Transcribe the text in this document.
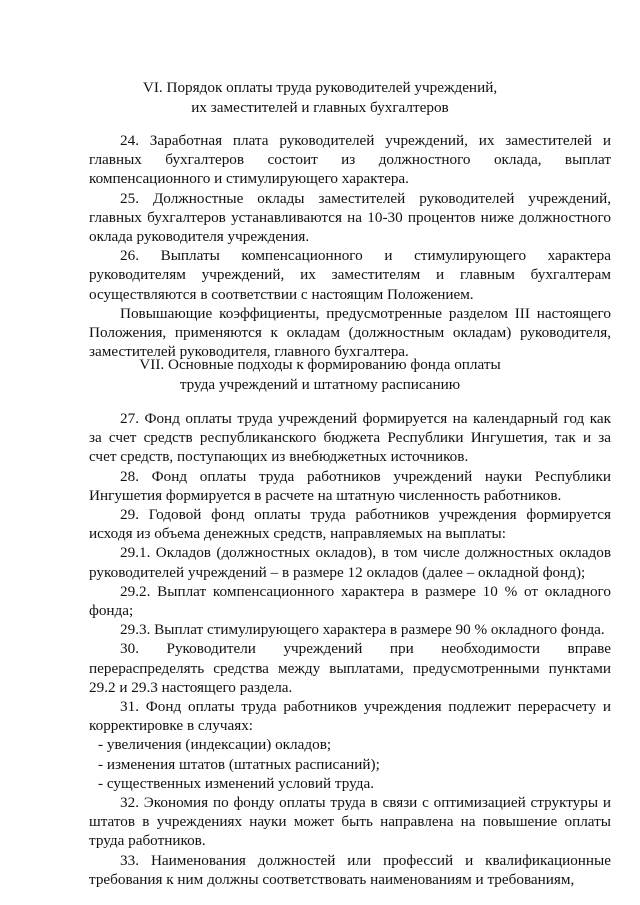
VI. Порядок оплаты труда руководителей учреждений,
их заместителей и главных бухгалтеров

24. Заработная плата руководителей учреждений, их заместителей и главных бухгалтеров состоит из должностного оклада, выплат компенсационного и стимулирующего характера.

25. Должностные оклады заместителей руководителей учреждений, главных бухгалтеров устанавливаются на 10-30 процентов ниже должностного оклада руководителя учреждения.

26. Выплаты компенсационного и стимулирующего характера руководителям учреждений, их заместителям и главным бухгалтерам осуществляются в соответствии с настоящим Положением.

Повышающие коэффициенты, предусмотренные разделом III настоящего Положения, применяются к окладам (должностным окладам) руководителя, заместителей руководителя, главного бухгалтера.

VII. Основные подходы к формированию фонда оплаты
труда учреждений и штатному расписанию

27. Фонд оплаты труда учреждений формируется на календарный год как за счет средств республиканского бюджета Республики Ингушетия, так и за счет средств, поступающих из внебюджетных источников.

28. Фонд оплаты труда работников учреждений науки Республики Ингушетия формируется в расчете на штатную численность работников.

29. Годовой фонд оплаты труда работников учреждения формируется исходя из объема денежных средств, направляемых на выплаты:

29.1. Окладов (должностных окладов), в том числе должностных окладов руководителей учреждений – в размере 12 окладов (далее – окладной фонд);

29.2. Выплат компенсационного характера в размере 10 % от окладного фонда;

29.3. Выплат стимулирующего характера в размере 90 % окладного фонда.

30. Руководители учреждений при необходимости вправе перераспределять средства между выплатами, предусмотренными пунктами 29.2 и 29.3 настоящего раздела.

31. Фонд оплаты труда работников учреждения подлежит перерасчету и корректировке в случаях:

- увеличения (индексации) окладов;

- изменения штатов (штатных расписаний);

- существенных изменений условий труда.

32. Экономия по фонду оплаты труда в связи с оптимизацией структуры и штатов в учреждениях науки может быть направлена на повышение оплаты труда работников.

33. Наименования должностей или профессий и квалификационные требования к ним должны соответствовать наименованиям и требованиям,
